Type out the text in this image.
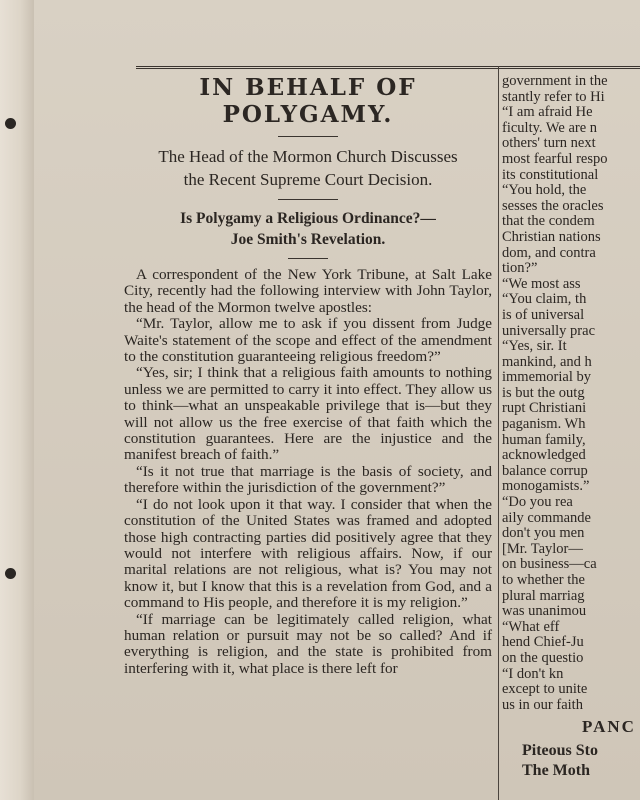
IN BEHALF OF POLYGAMY.

The Head of the Mormon Church Discusses

the Recent Supreme Court Decision.

Is Polygamy a Religious Ordinance?—

Joe Smith's Revelation.

A correspondent of the New York Tribune, at Salt Lake City, recently had the following interview with John Taylor, the head of the Mormon twelve apostles:

“Mr. Taylor, allow me to ask if you dissent from Judge Waite's statement of the scope and effect of the amendment to the constitution guaranteeing religious freedom?”

“Yes, sir; I think that a religious faith amounts to nothing unless we are permitted to carry it into effect. They allow us to think—what an unspeakable privilege that is—but they will not allow us the free exercise of that faith which the constitution guarantees. Here are the injustice and the manifest breach of faith.”

“Is it not true that marriage is the basis of society, and therefore within the jurisdiction of the government?”

“I do not look upon it that way. I consider that when the constitution of the United States was framed and adopted those high contracting parties did positively agree that they would not interfere with religious affairs. Now, if our marital relations are not religious, what is? You may not know it, but I know that this is a revelation from God, and a command to His people, and therefore it is my religion.”

“If marriage can be legitimately called religion, what human relation or pursuit may not be so called? And if everything is religion, and the state is prohibited from interfering with it, what place is there left for

government in the
stantly refer to Hi
“I am afraid He
ficulty. We are n
others' turn next
most fearful respo
its constitutional
“You hold, the
sesses the oracles
that the condem
Christian nations
dom, and contra
tion?”
“We most ass
“You claim, th
is of universal
universally prac
“Yes, sir. It
mankind, and h
immemorial by
is but the outg
rupt Christiani
paganism. Wh
human family,
acknowledged
balance corrup
monogamists.”
“Do you rea
aily commande
don't you men
[Mr. Taylor—
on business—ca
to whether the
plural marriag
was unanimou
“What eff
hend Chief-Ju
on the questio
“I don't kn
except to unite
us in our faith
PANC
Piteous Sto
The Moth
